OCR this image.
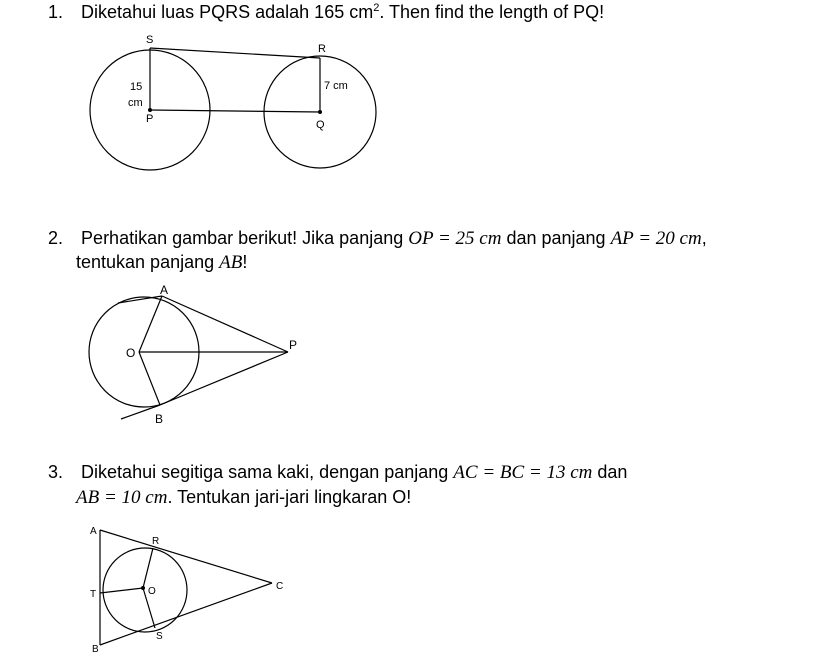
1. Diketahui luas PQRS adalah 165 $cm^2$. Then find the length of PQ!
2. Perhatikan gambar berikut! Jika panjang OP = 25 cm dan panjang AP = 20 cm,
tentukan panjang AB!
3. Diketahui segitiga sama kaki, dengan panjang AC = BC = 13 cm dan
AB = 10 cm. Tentukan jari-jari lingkaran O!
S
R
P	Q
15
cm
7 cm
A
O
P
B
A
R
C
T	O
S
B
